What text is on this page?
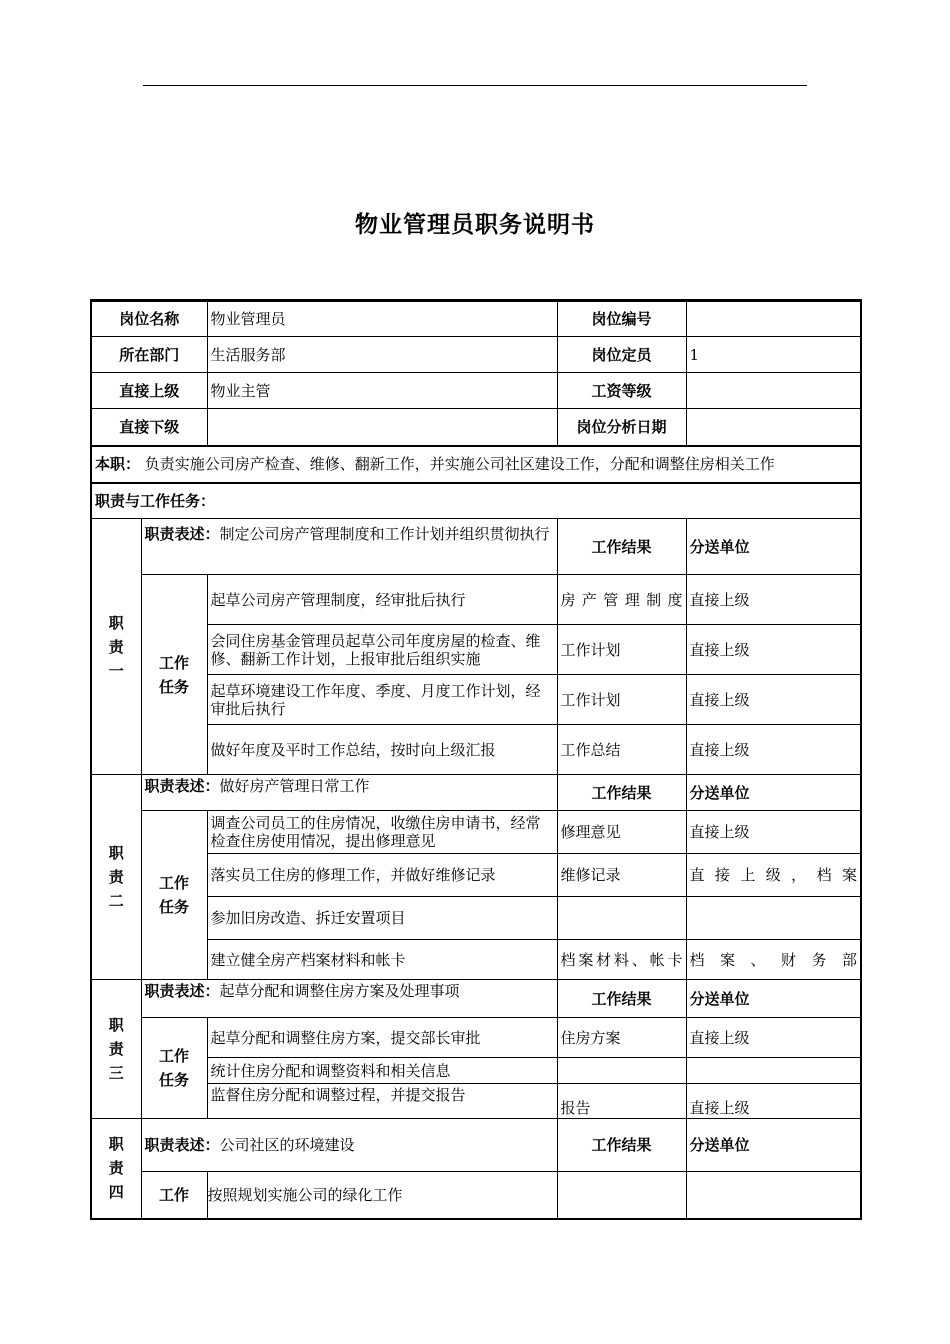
物业管理员职务说明书
岗位名称		物业管理员	岗位编号	
所在部门		生活服务部	岗位定员	1
直接上级		物业主管	工资等级	
直接下级			岗位分析日期	
本职： 负责实施公司房产检查、维修、翻新工作，并实施公司社区建设工作，分配和调整住房相关工作				
职责与工作任务：				

职
责
一	职责表述：制定公司房产管理制度和工作计划并组织贯彻执行		工作结果	分送单位

	工作
任务	起草公司房产管理制度，经审批后执行	房产管理制度	直接上级
		会同住房基金管理员起草公司年度房屋的检查、维修、翻新工作计划，上报审批后组织实施	工作计划	直接上级
		起草环境建设工作年度、季度、月度工作计划，经审批后执行	工作计划	直接上级
		做好年度及平时工作总结，按时向上级汇报	工作总结	直接上级

职
责
二	职责表述：做好房产管理日常工作		工作结果	分送单位

	工作
任务	调查公司员工的住房情况，收缴住房申请书，经常检查住房使用情况，提出修理意见	修理意见	直接上级
		落实员工住房的修理工作，并做好维修记录	维修记录	直接上级，档案
		参加旧房改造、拆迁安置项目		
		建立健全房产档案材料和帐卡	档案材料、帐卡	档案、财务部

职
责
三	职责表述：起草分配和调整住房方案及处理事项		工作结果	分送单位

	工作
任务	起草分配和调整住房方案，提交部长审批	住房方案	直接上级
		统计住房分配和调整资料和相关信息		
		监督住房分配和调整过程，并提交报告	报告	直接上级

职
责
四	职责表述：公司社区的环境建设		工作结果	分送单位
	工作	按照规划实施公司的绿化工作		
